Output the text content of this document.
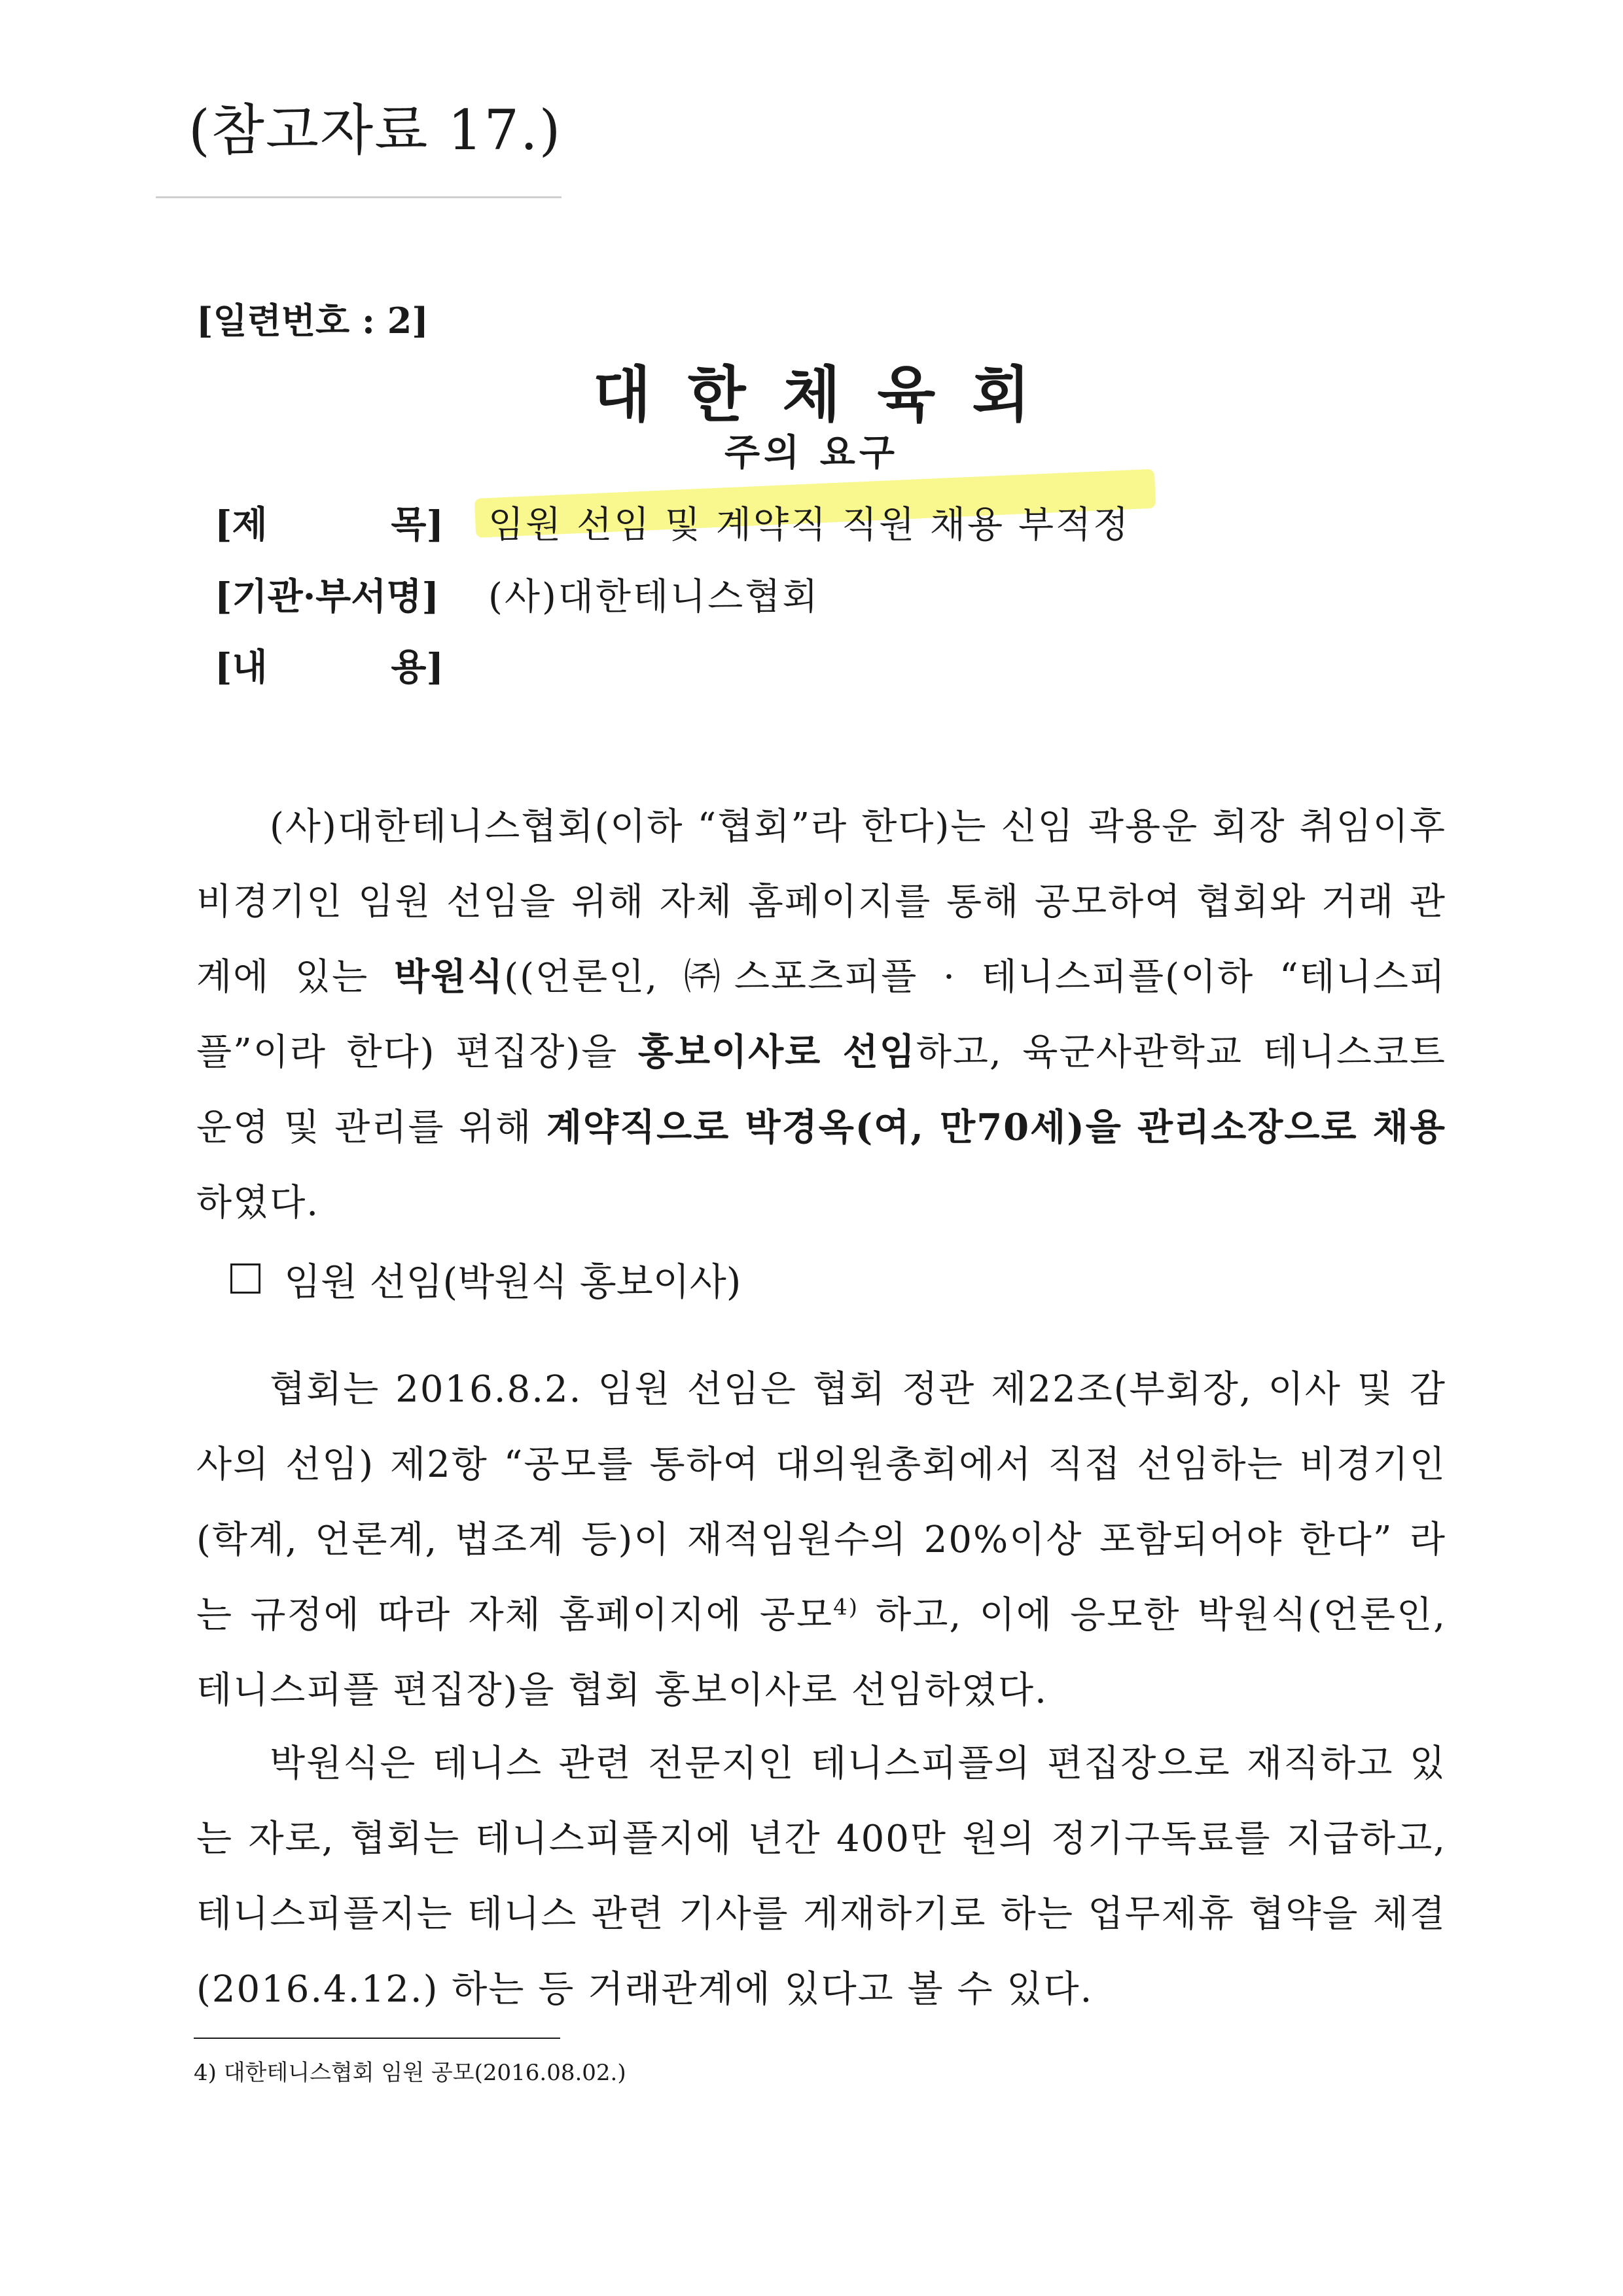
(참고자료 17.)
[일련번호 : 2]
대한체육회
주의 요구
[제	목] 임원 선임 및 계약직 직원 채용 부적정
[기관·부서명] (사)대한테니스협회
[내	용]
(사)대한테니스협회(이하 “협회”라 한다)는 신임 곽용운 회장 취임이후 비경기인 임원 선임을 위해 자체 홈페이지를 통해 공모하여 협회와 거래 관계에 있는 박원식((언론인, ㈜스포츠피플 · 테니스피플(이하 “테니스피플”이라 한다) 편집장)을 홍보이사로 선임하고, 육군사관학교 테니스코트 운영 및 관리를 위해 계약직으로 박경옥(여, 만70세)을 관리소장으로 채용하였다.
임원 선임(박원식 홍보이사)
협회는 2016.8.2. 임원 선임은 협회 정관 제22조(부회장, 이사 및 감사의 선임) 제2항 “공모를 통하여 대의원총회에서 직접 선임하는 비경기인(학계, 언론계, 법조계 등)이 재적임원수의 20%이상 포함되어야 한다” 라는 규정에 따라 자체 홈페이지에 공모$^{4)}$ 하고, 이에 응모한 박원식(언론인, 테니스피플 편집장)을 협회 홍보이사로 선임하였다.
박원식은 테니스 관련 전문지인 테니스피플의 편집장으로 재직하고 있는 자로, 협회는 테니스피플지에 년간 400만 원의 정기구독료를 지급하고, 테니스피플지는 테니스 관련 기사를 게재하기로 하는 업무제휴 협약을 체결(2016.4.12.) 하는 등 거래관계에 있다고 볼 수 있다.
4) 대한테니스협회 임원 공모(2016.08.02.)
